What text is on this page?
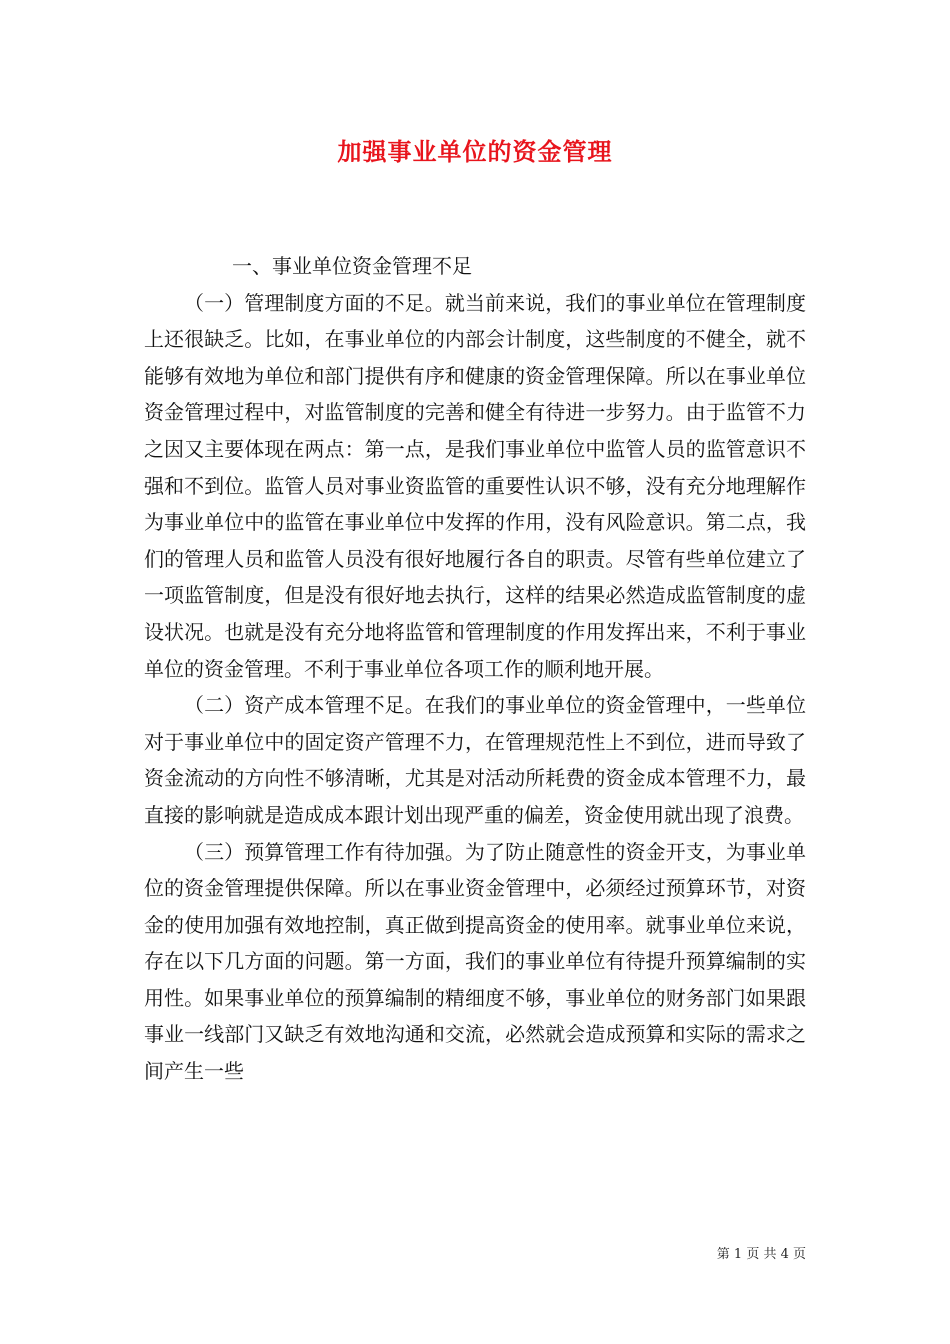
加强事业单位的资金管理

一、事业单位资金管理不足

（一）管理制度方面的不足。就当前来说，我们的事业单位在管理制度上还很缺乏。比如，在事业单位的内部会计制度，这些制度的不健全，就不能够有效地为单位和部门提供有序和健康的资金管理保障。所以在事业单位资金管理过程中，对监管制度的完善和健全有待进一步努力。由于监管不力之因又主要体现在两点：第一点，是我们事业单位中监管人员的监管意识不强和不到位。监管人员对事业资监管的重要性认识不够，没有充分地理解作为事业单位中的监管在事业单位中发挥的作用，没有风险意识。第二点，我们的管理人员和监管人员没有很好地履行各自的职责。尽管有些单位建立了一项监管制度，但是没有很好地去执行，这样的结果必然造成监管制度的虚设状况。也就是没有充分地将监管和管理制度的作用发挥出来，不利于事业单位的资金管理。不利于事业单位各项工作的顺利地开展。

（二）资产成本管理不足。在我们的事业单位的资金管理中，一些单位对于事业单位中的固定资产管理不力，在管理规范性上不到位，进而导致了资金流动的方向性不够清晰，尤其是对活动所耗费的资金成本管理不力，最直接的影响就是造成成本跟计划出现严重的偏差，资金使用就出现了浪费。

（三）预算管理工作有待加强。为了防止随意性的资金开支，为事业单位的资金管理提供保障。所以在事业资金管理中，必须经过预算环节，对资金的使用加强有效地控制，真正做到提高资金的使用率。就事业单位来说，存在以下几方面的问题。第一方面，我们的事业单位有待提升预算编制的实用性。如果事业单位的预算编制的精细度不够，事业单位的财务部门如果跟事业一线部门又缺乏有效地沟通和交流，必然就会造成预算和实际的需求之间产生一些

第 1 页 共 4 页
